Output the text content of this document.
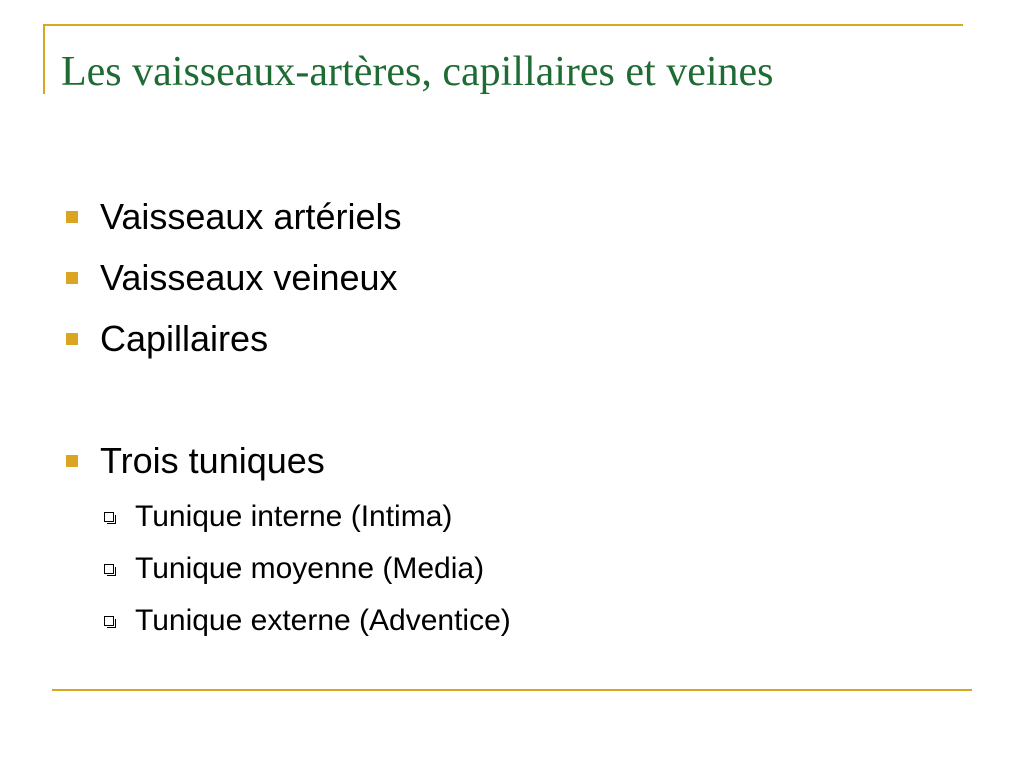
Les vaisseaux-artères, capillaires et veines
Vaisseaux artériels
Vaisseaux veineux
Capillaires
Trois tuniques
Tunique interne (Intima)
Tunique moyenne (Media)
Tunique externe (Adventice)
